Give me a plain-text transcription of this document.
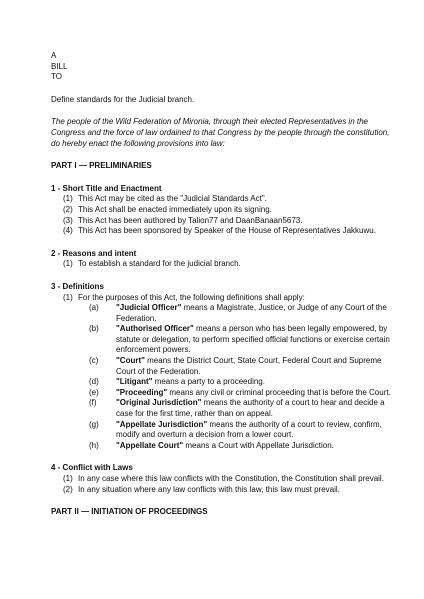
A
BILL
TO
Define standards for the Judicial branch.
The people of the Wild Federation of Mironia, through their elected Representatives in the Congress and the force of law ordained to that Congress by the people through the constitution, do hereby enact the following provisions into law:
PART I — PRELIMINARIES
1 - Short Title and Enactment
(1) This Act may be cited as the "Judicial Standards Act".
(2) This Act shall be enacted immediately upon its signing.
(3) This Act has been authored by Talion77 and DaanBanaan5673.
(4) This Act has been sponsored by Speaker of the House of Representatives Jakkuwu.
2 - Reasons and intent
(1) To establish a standard for the judicial branch.
3 - Definitions
(1) For the purposes of this Act, the following definitions shall apply:
(a) "Judicial Officer" means a Magistrate, Justice, or Judge of any Court of the Federation.
(b) "Authorised Officer" means a person who has been legally empowered, by statute or delegation, to perform specified official functions or exercise certain enforcement powers.
(c) "Court" means the District Court, State Court, Federal Court and Supreme Court of the Federation.
(d) "Litigant" means a party to a proceeding.
(e) "Proceeding" means any civil or criminal proceeding that is before the Court.
(f) "Original Jurisdiction" means the authority of a court to hear and decide a case for the first time, rather than on appeal.
(g) "Appellate Jurisdiction" means the authority of a court to review, confirm, modify and overturn a decision from a lower court.
(h) "Appellate Court" means a Court with Appellate Jurisdiction.
4 - Conflict with Laws
(1) In any case where this law conflicts with the Constitution, the Constitution shall prevail.
(2) In any situation where any law conflicts with this law, this law must prevail.
PART II — INITIATION OF PROCEEDINGS
